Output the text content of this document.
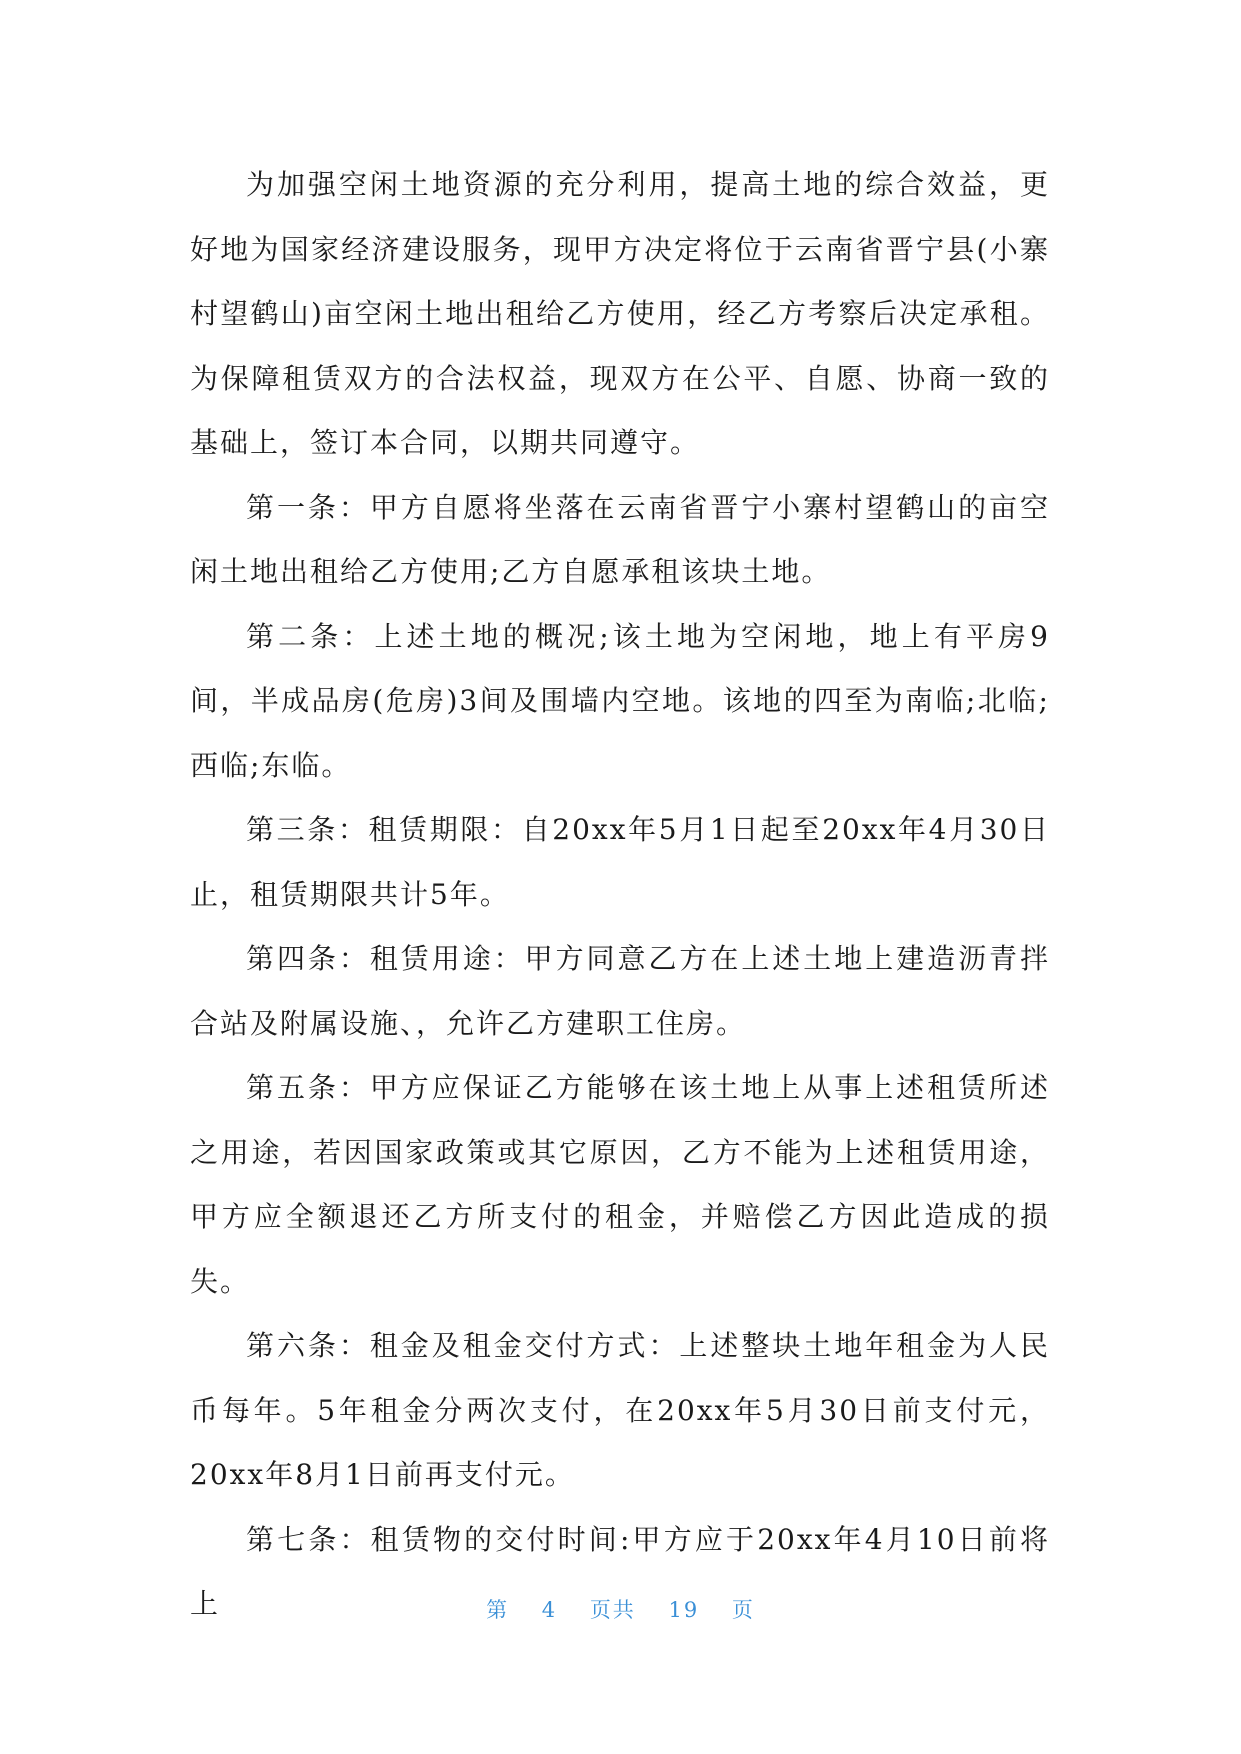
为加强空闲土地资源的充分利用，提高土地的综合效益，更好地为国家经济建设服务，现甲方决定将位于云南省晋宁县(小寨村望鹤山)亩空闲土地出租给乙方使用，经乙方考察后决定承租。为保障租赁双方的合法权益，现双方在公平、自愿、协商一致的基础上，签订本合同，以期共同遵守。

第一条：甲方自愿将坐落在云南省晋宁小寨村望鹤山的亩空闲土地出租给乙方使用;乙方自愿承租该块土地。

第二条：上述土地的概况;该土地为空闲地，地上有平房9间，半成品房(危房)3间及围墙内空地。该地的四至为南临;北临;西临;东临。

第三条：租赁期限：自20xx年5月1日起至20xx年4月30日止，租赁期限共计5年。

第四条：租赁用途：甲方同意乙方在上述土地上建造沥青拌合站及附属设施、，允许乙方建职工住房。

第五条：甲方应保证乙方能够在该土地上从事上述租赁所述之用途，若因国家政策或其它原因，乙方不能为上述租赁用途，甲方应全额退还乙方所支付的租金，并赔偿乙方因此造成的损失。

第六条：租金及租金交付方式：上述整块土地年租金为人民币每年。5年租金分两次支付，在20xx年5月30日前支付元，20xx年8月1日前再支付元。

第七条：租赁物的交付时间:甲方应于20xx年4月10日前将上	第 4 页共 19 页
